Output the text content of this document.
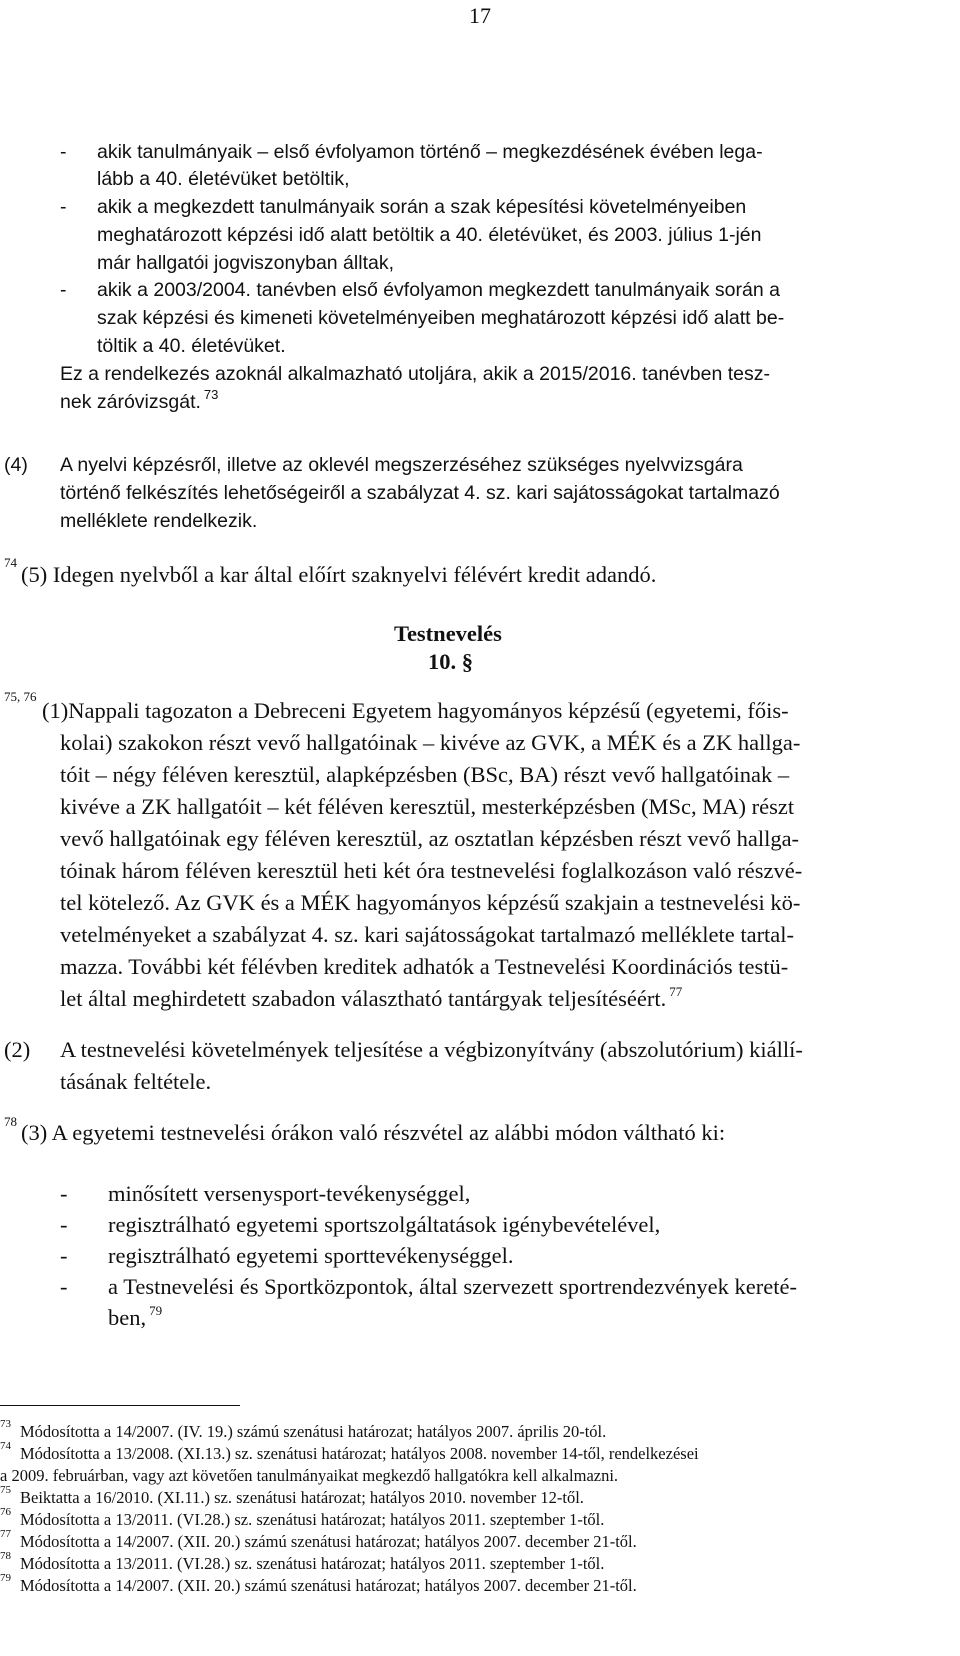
17
- akik tanulmányaik – első évfolyamon történő – megkezdésének évében lega-
lább a 40. életévüket betöltik,
- akik a megkezdett tanulmányaik során a szak képesítési követelményeiben
meghatározott képzési idő alatt betöltik a 40. életévüket, és 2003. július 1-jén
már hallgatói jogviszonyban álltak,
- akik a 2003/2004. tanévben első évfolyamon megkezdett tanulmányaik során a
szak képzési és kimeneti követelményeiben meghatározott képzési idő alatt be-
töltik a 40. életévüket.
Ez a rendelkezés azoknál alkalmazható utoljára, akik a 2015/2016. tanévben tesz-
nek záróvizsgát. $^{73}$
(4) A nyelvi képzésről, illetve az oklevél megszerzéséhez szükséges nyelvvizsgára
történő felkészítés lehetőségeiről a szabályzat 4. sz. kari sajátosságokat tartalmazó
melléklete rendelkezik.
74 (5) Idegen nyelvből a kar által előírt szaknyelvi félévért kredit adandó.
Testnevelés
10. §
75, 76
(1)Nappali tagozaton a Debreceni Egyetem hagyományos képzésű (egyetemi, főis-
kolai) szakokon részt vevő hallgatóinak – kivéve az GVK, a MÉK és a ZK hallga-
tóit – négy féléven keresztül, alapképzésben (BSc, BA) részt vevő hallgatóinak –
kivéve a ZK hallgatóit – két féléven keresztül, mesterképzésben (MSc, MA) részt
vevő hallgatóinak egy féléven keresztül, az osztatlan képzésben részt vevő hallga-
tóinak három féléven keresztül heti két óra testnevelési foglalkozáson való részvé-
tel kötelező. Az GVK és a MÉK hagyományos képzésű szakjain a testnevelési kö-
vetelményeket a szabályzat 4. sz. kari sajátosságokat tartalmazó melléklete tartal-
mazza. További két félévben kreditek adhatók a Testnevelési Koordinációs testü-
let által meghirdetett szabadon választható tantárgyak teljesítéséért. $^{77}$
(2) A testnevelési követelmények teljesítése a végbizonyítvány (abszolutórium) kiállí-
tásának feltétele.
78 (3) A egyetemi testnevelési órákon való részvétel az alábbi módon váltható ki:
- minősített versenysport-tevékenységgel,
- regisztrálható egyetemi sportszolgáltatások igénybevételével,
- regisztrálható egyetemi sporttevékenységgel.
- a Testnevelési és Sportközpontok, által szervezett sportrendezvények kereté-
ben, $^{79}$
73 Módosította a 14/2007. (IV. 19.) számú szenátusi határozat; hatályos 2007. április 20-tól.
74 Módosította a 13/2008. (XI.13.) sz. szenátusi határozat; hatályos 2008. november 14-től, rendelkezései
a 2009. februárban, vagy azt követően tanulmányaikat megkezdő hallgatókra kell alkalmazni.
75 Beiktatta a 16/2010. (XI.11.) sz. szenátusi határozat; hatályos 2010. november 12-től.
76 Módosította a 13/2011. (VI.28.) sz. szenátusi határozat; hatályos 2011. szeptember 1-től.
77 Módosította a 14/2007. (XII. 20.) számú szenátusi határozat; hatályos 2007. december 21-től.
78 Módosította a 13/2011. (VI.28.) sz. szenátusi határozat; hatályos 2011. szeptember 1-től.
79 Módosította a 14/2007. (XII. 20.) számú szenátusi határozat; hatályos 2007. december 21-től.
